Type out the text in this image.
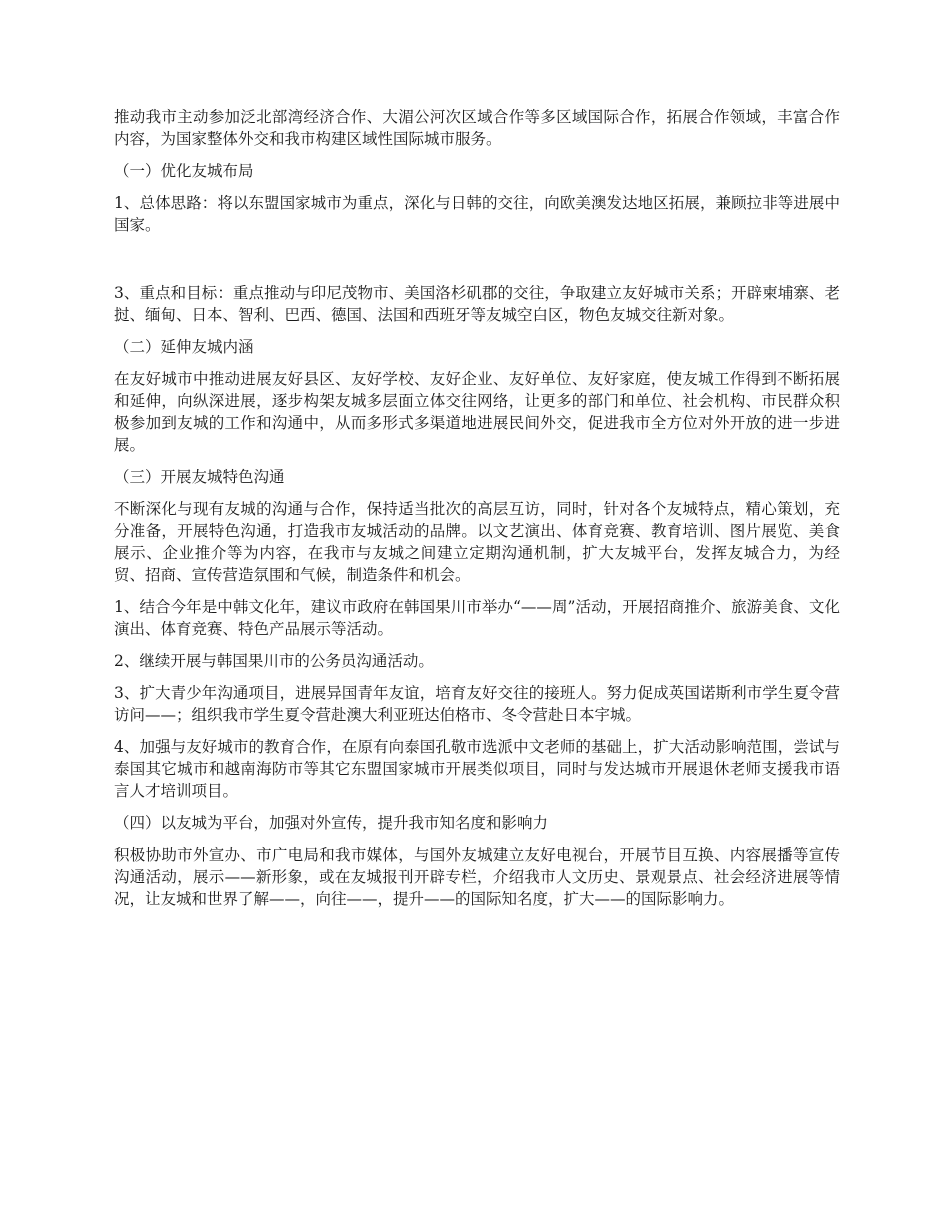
推动我市主动参加泛北部湾经济合作、大湄公河次区域合作等多区域国际合作，拓展合作领域，丰富合作内容，为国家整体外交和我市构建区域性国际城市服务。

（一）优化友城布局

1、总体思路：将以东盟国家城市为重点，深化与日韩的交往，向欧美澳发达地区拓展，兼顾拉非等进展中国家。

3、重点和目标：重点推动与印尼茂物市、美国洛杉矶郡的交往，争取建立友好城市关系；开辟柬埔寨、老挝、缅甸、日本、智利、巴西、德国、法国和西班牙等友城空白区，物色友城交往新对象。

（二）延伸友城内涵

在友好城市中推动进展友好县区、友好学校、友好企业、友好单位、友好家庭，使友城工作得到不断拓展和延伸，向纵深进展，逐步构架友城多层面立体交往网络，让更多的部门和单位、社会机构、市民群众积极参加到友城的工作和沟通中，从而多形式多渠道地进展民间外交，促进我市全方位对外开放的进一步进展。

（三）开展友城特色沟通

不断深化与现有友城的沟通与合作，保持适当批次的高层互访，同时，针对各个友城特点，精心策划，充分准备，开展特色沟通，打造我市友城活动的品牌。以文艺演出、体育竞赛、教育培训、图片展览、美食展示、企业推介等为内容，在我市与友城之间建立定期沟通机制，扩大友城平台，发挥友城合力，为经贸、招商、宣传营造氛围和气候，制造条件和机会。

1、结合今年是中韩文化年，建议市政府在韩国果川市举办“——周”活动，开展招商推介、旅游美食、文化演出、体育竞赛、特色产品展示等活动。

2、继续开展与韩国果川市的公务员沟通活动。

3、扩大青少年沟通项目，进展异国青年友谊，培育友好交往的接班人。努力促成英国诺斯利市学生夏令营访问——；组织我市学生夏令营赴澳大利亚班达伯格市、冬令营赴日本宇城。

4、加强与友好城市的教育合作，在原有向泰国孔敬市选派中文老师的基础上，扩大活动影响范围，尝试与泰国其它城市和越南海防市等其它东盟国家城市开展类似项目，同时与发达城市开展退休老师支援我市语言人才培训项目。

（四）以友城为平台，加强对外宣传，提升我市知名度和影响力

积极协助市外宣办、市广电局和我市媒体，与国外友城建立友好电视台，开展节目互换、内容展播等宣传沟通活动，展示——新形象，或在友城报刊开辟专栏，介绍我市人文历史、景观景点、社会经济进展等情况，让友城和世界了解——，向往——，提升——的国际知名度，扩大——的国际影响力。
